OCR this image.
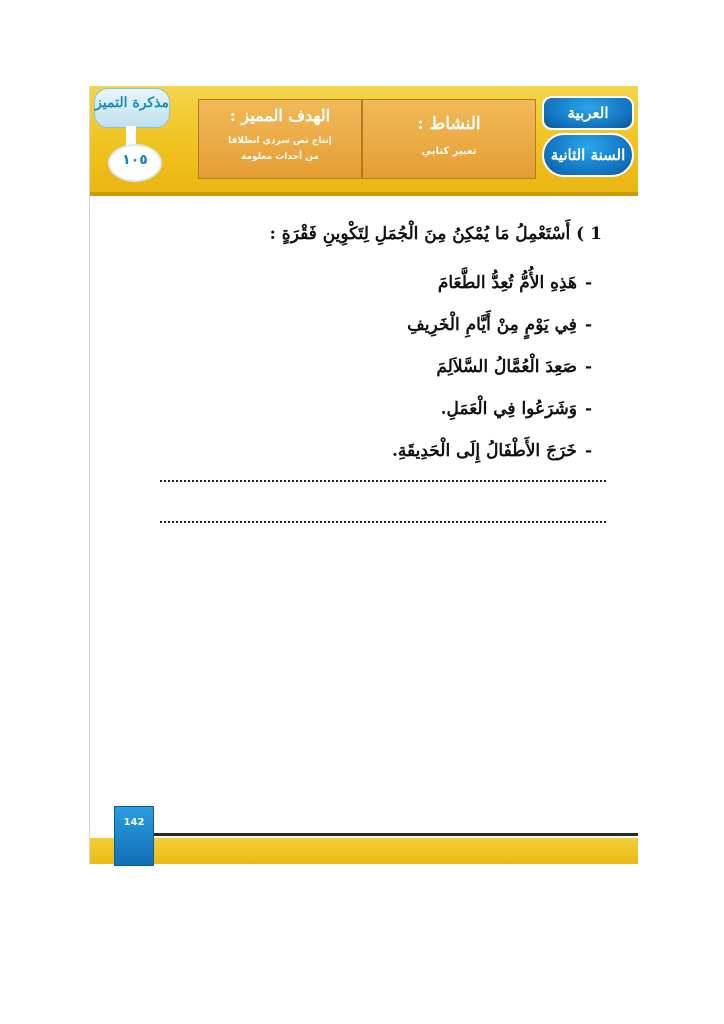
مذكرة التميز
١٠٥
الهدف المميز :
إنتاج نص سردي انطلاقا
من أحداث معلومة
النشاط :
تعبير كتابي
العربية
السنة الثانية
1 ) أَسْتَعْمِلُ مَا يُمْكِنُ مِنَ الْجُمَلِ لِتَكْوِينِ فَقْرَةٍ :
-هَذِهِ الأُمُّ تُعِدُّ الطَّعَامَ
-فِي يَوْمٍ مِنْ أَيَّامِ الْخَرِيفِ
-صَعِدَ الْعُمَّالُ السَّلاَلِمَ
-وَشَرَعُوا فِي الْعَمَلِ.
-خَرَجَ الأَطْفَالُ إِلَى الْحَدِيقَةِ.
142
